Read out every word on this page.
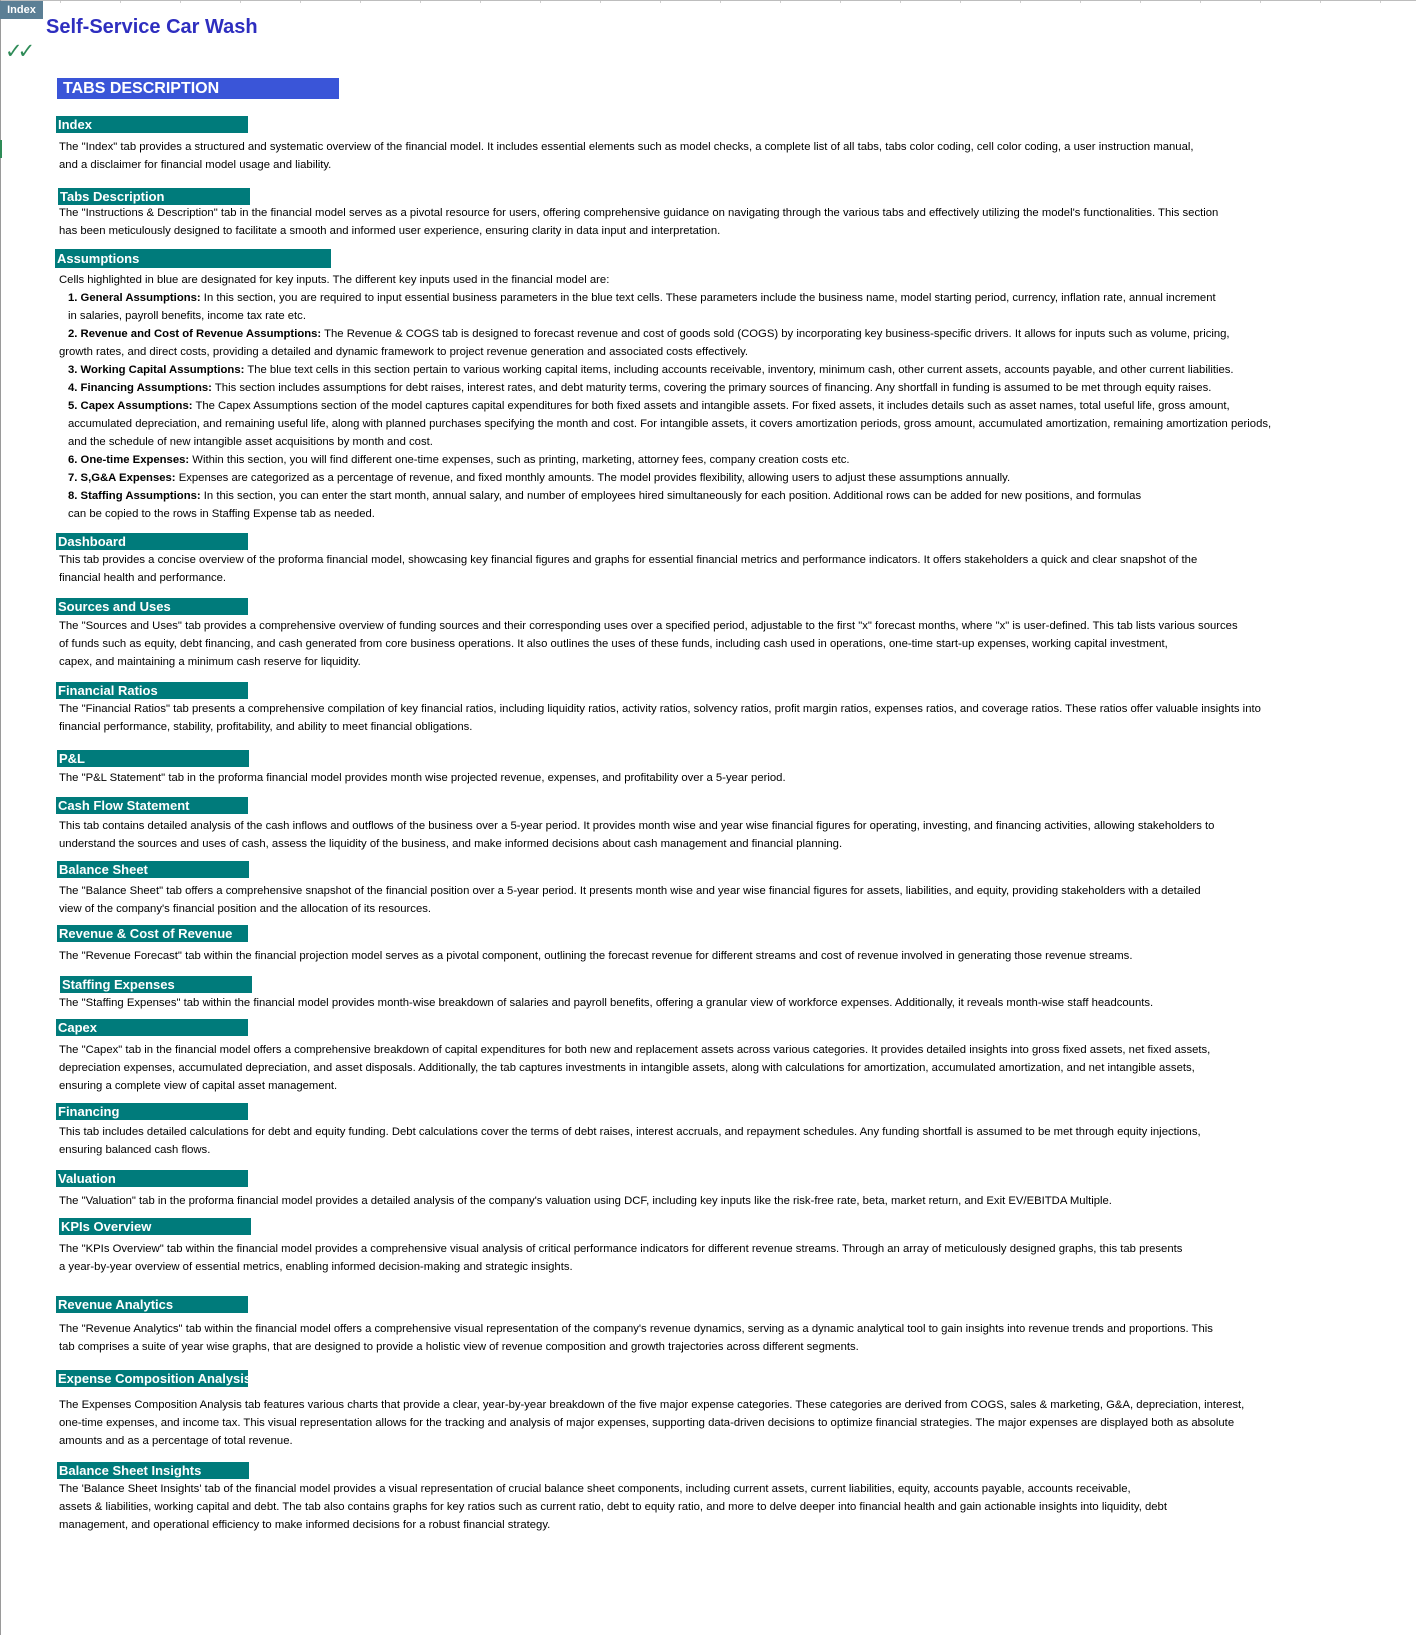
Index
Self-Service Car Wash
✓✓
TABS DESCRIPTION
Index

The "Index" tab provides a structured and systematic overview of the financial model. It includes essential elements such as model checks, a complete list of all tabs, tabs color coding, cell color coding, a user instruction manual,

and a disclaimer for financial model usage and liability.

Tabs Description

The "Instructions & Description" tab in the financial model serves as a pivotal resource for users, offering comprehensive guidance on navigating through the various tabs and effectively utilizing the model's functionalities. This section

has been meticulously designed to facilitate a smooth and informed user experience, ensuring clarity in data input and interpretation.

Assumptions

Cells highlighted in blue are designated for key inputs. The different key inputs used in the financial model are:

1. General Assumptions: In this section, you are required to input essential business parameters in the blue text cells. These parameters include the business name, model starting period, currency, inflation rate, annual increment

in salaries, payroll benefits, income tax rate etc.

2. Revenue and Cost of Revenue Assumptions: The Revenue & COGS tab is designed to forecast revenue and cost of goods sold (COGS) by incorporating key business-specific drivers. It allows for inputs such as volume, pricing,

growth rates, and direct costs, providing a detailed and dynamic framework to project revenue generation and associated costs effectively.

3. Working Capital Assumptions: The blue text cells in this section pertain to various working capital items, including accounts receivable, inventory, minimum cash, other current assets, accounts payable, and other current liabilities.

4. Financing Assumptions: This section includes assumptions for debt raises, interest rates, and debt maturity terms, covering the primary sources of financing. Any shortfall in funding is assumed to be met through equity raises.

5. Capex Assumptions: The Capex Assumptions section of the model captures capital expenditures for both fixed assets and intangible assets. For fixed assets, it includes details such as asset names, total useful life, gross amount,

accumulated depreciation, and remaining useful life, along with planned purchases specifying the month and cost. For intangible assets, it covers amortization periods, gross amount, accumulated amortization, remaining amortization periods,

and the schedule of new intangible asset acquisitions by month and cost.

6. One-time Expenses: Within this section, you will find different one-time expenses, such as printing, marketing, attorney fees, company creation costs etc.

7. S,G&A Expenses: Expenses are categorized as a percentage of revenue, and fixed monthly amounts. The model provides flexibility, allowing users to adjust these assumptions annually.

8. Staffing Assumptions: In this section, you can enter the start month, annual salary, and number of employees hired simultaneously for each position. Additional rows can be added for new positions, and formulas

can be copied to the rows in Staffing Expense tab as needed.

Dashboard

This tab provides a concise overview of the proforma financial model, showcasing key financial figures and graphs for essential financial metrics and performance indicators. It offers stakeholders a quick and clear snapshot of the

financial health and performance.

Sources and Uses

The "Sources and Uses" tab provides a comprehensive overview of funding sources and their corresponding uses over a specified period, adjustable to the first "x" forecast months, where "x" is user-defined. This tab lists various sources

of funds such as equity, debt financing, and cash generated from core business operations. It also outlines the uses of these funds, including cash used in operations, one-time start-up expenses, working capital investment,

capex, and maintaining a minimum cash reserve for liquidity.

Financial Ratios

The "Financial Ratios" tab presents a comprehensive compilation of key financial ratios, including liquidity ratios, activity ratios, solvency ratios, profit margin ratios, expenses ratios, and coverage ratios. These ratios offer valuable insights into

financial performance, stability, profitability, and ability to meet financial obligations.

P&L

The "P&L Statement" tab in the proforma financial model provides month wise projected revenue, expenses, and profitability over a 5-year period.

Cash Flow Statement

This tab contains detailed analysis of the cash inflows and outflows of the business over a 5-year period. It provides month wise and year wise financial figures for operating, investing, and financing activities, allowing stakeholders to

understand the sources and uses of cash, assess the liquidity of the business, and make informed decisions about cash management and financial planning.

Balance Sheet

The "Balance Sheet" tab offers a comprehensive snapshot of the financial position over a 5-year period. It presents month wise and year wise financial figures for assets, liabilities, and equity, providing stakeholders with a detailed

view of the company's financial position and the allocation of its resources.

Revenue & Cost of Revenue

The "Revenue Forecast" tab within the financial projection model serves as a pivotal component, outlining the forecast revenue for different streams and cost of revenue involved in generating those revenue streams.

Staffing Expenses

The "Staffing Expenses" tab within the financial model provides month-wise breakdown of salaries and payroll benefits, offering a granular view of workforce expenses. Additionally, it reveals month-wise staff headcounts.

Capex

The "Capex" tab in the financial model offers a comprehensive breakdown of capital expenditures for both new and replacement assets across various categories. It provides detailed insights into gross fixed assets, net fixed assets,

depreciation expenses, accumulated depreciation, and asset disposals. Additionally, the tab captures investments in intangible assets, along with calculations for amortization, accumulated amortization, and net intangible assets,

ensuring a complete view of capital asset management.

Financing

This tab includes detailed calculations for debt and equity funding. Debt calculations cover the terms of debt raises, interest accruals, and repayment schedules. Any funding shortfall is assumed to be met through equity injections,

ensuring balanced cash flows.

Valuation

The "Valuation" tab in the proforma financial model provides a detailed analysis of the company's valuation using DCF, including key inputs like the risk-free rate, beta, market return, and Exit EV/EBITDA Multiple.

KPIs Overview

The "KPIs Overview" tab within the financial model provides a comprehensive visual analysis of critical performance indicators for different revenue streams. Through an array of meticulously designed graphs, this tab presents

a year-by-year overview of essential metrics, enabling informed decision-making and strategic insights.

Revenue Analytics

The "Revenue Analytics" tab within the financial model offers a comprehensive visual representation of the company's revenue dynamics, serving as a dynamic analytical tool to gain insights into revenue trends and proportions. This

tab comprises a suite of year wise graphs, that are designed to provide a holistic view of revenue composition and growth trajectories across different segments.

Expense Composition Analysis

The Expenses Composition Analysis tab features various charts that provide a clear, year-by-year breakdown of the five major expense categories. These categories are derived from COGS, sales & marketing, G&A, depreciation, interest,

one-time expenses, and income tax. This visual representation allows for the tracking and analysis of major expenses, supporting data-driven decisions to optimize financial strategies. The major expenses are displayed both as absolute

amounts and as a percentage of total revenue.

Balance Sheet Insights

The 'Balance Sheet Insights' tab of the financial model provides a visual representation of crucial balance sheet components, including current assets, current liabilities, equity, accounts payable, accounts receivable,

assets & liabilities, working capital and debt. The tab also contains graphs for key ratios such as current ratio, debt to equity ratio, and more to delve deeper into financial health and gain actionable insights into liquidity, debt

management, and operational efficiency to make informed decisions for a robust financial strategy.
